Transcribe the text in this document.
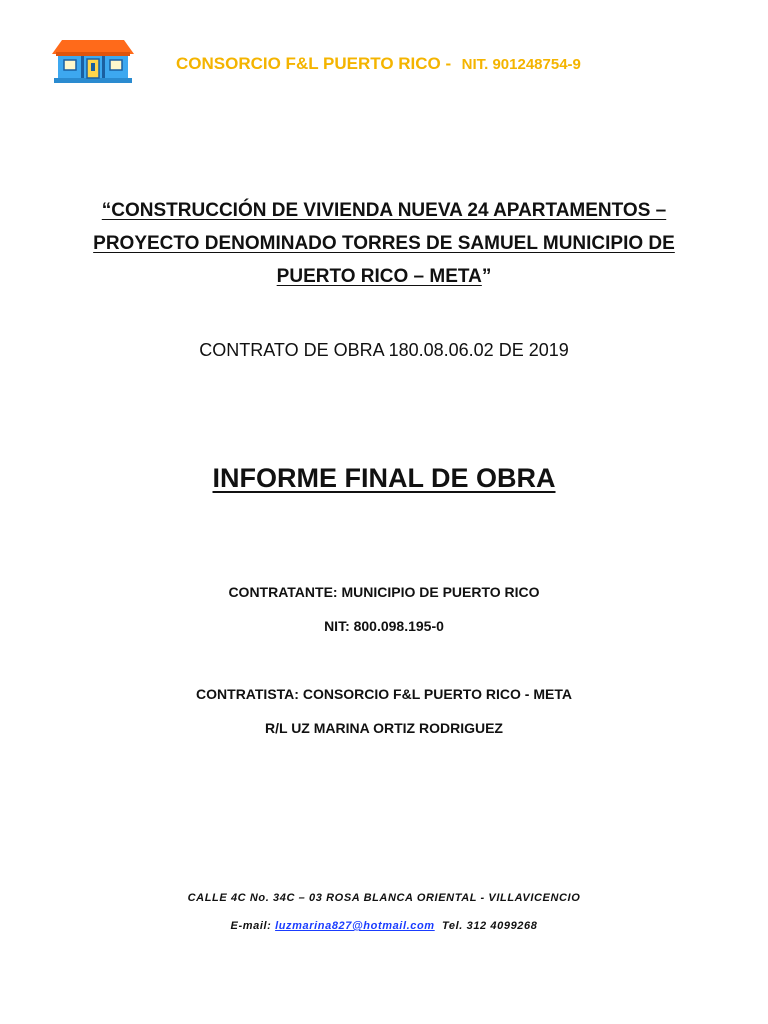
CONSORCIO F&L PUERTO RICO - NIT. 901248754-9
“CONSTRUCCIÓN DE VIVIENDA NUEVA 24 APARTAMENTOS –
PROYECTO DENOMINADO TORRES DE SAMUEL MUNICIPIO DE
PUERTO RICO – META”
CONTRATO DE OBRA 180.08.06.02 DE 2019
INFORME FINAL DE OBRA
CONTRATANTE: MUNICIPIO DE PUERTO RICO
NIT: 800.098.195-0
CONTRATISTA: CONSORCIO F&L PUERTO RICO - META
R/L UZ MARINA ORTIZ RODRIGUEZ
CALLE 4C No. 34C – 03 ROSA BLANCA ORIENTAL - VILLAVICENCIO
E-mail: luzmarina827@hotmail.com Tel. 312 4099268
